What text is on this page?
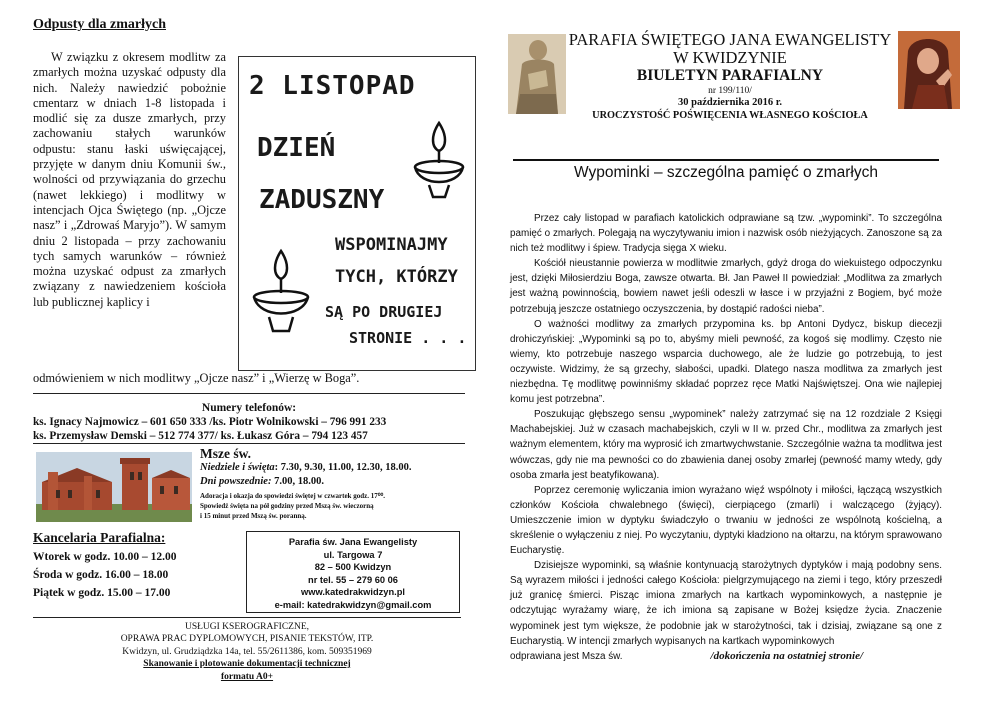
Odpusty dla zmarłych
W związku z okresem modlitw za zmarłych można uzyskać odpusty dla nich. Należy nawiedzić pobożnie cmentarz w dniach 1-8 listopada i modlić się za dusze zmarłych, przy zachowaniu stałych warunków odpustu: stanu łaski uświęcającej, przyjęte w danym dniu Komunii św., wolności od przywiązania do grzechu (nawet lekkiego) i modlitwy w intencjach Ojca Świętego (np. „Ojcze nasz” i „Zdrowaś Maryjo”). W samym dniu 2 listopada – przy zachowaniu tych samych warunków – również można uzyskać odpust za zmarłych związany z nawiedzeniem kościoła lub publicznej kaplicy i
odmówieniem w nich modlitwy „Ojcze nasz” i „Wierzę w Boga”.
2 LISTOPAD
DZIEŃ
ZADUSZNY
WSPOMINAJMY
TYCH, KTÓRZY
SĄ PO DRUGIEJ
STRONIE . . .
Numery telefonów:
ks. Ignacy Najmowicz – 601 650 333 /ks. Piotr Wolnikowski – 796 991 233
ks. Przemysław Demski – 512 774 377/ ks. Łukasz Góra – 794 123 457
Msze św.
Niedziele i święta: 7.30, 9.30, 11.00, 12.30, 18.00.
Dni powszednie: 7.00, 18.00.
Adoracja i okazja do spowiedzi świętej w czwartek godz. 17⁰⁰.
Spowiedź święta na pół godziny przed Mszą św. wieczorną
i 15 minut przed Mszą św. poranną.
Kancelaria Parafialna:
Wtorek w godz. 10.00 – 12.00
Środa w godz. 16.00 – 18.00
Piątek w godz. 15.00 – 17.00
Parafia św. Jana Ewangelisty
ul. Targowa 7
82 – 500 Kwidzyn
nr tel. 55 – 279 60 06
www.katedrakwidzyn.pl
e-mail: katedrakwidzyn@gmail.com
USŁUGI KSEROGRAFICZNE,
OPRAWA PRAC DYPLOMOWYCH, PISANIE TEKSTÓW, ITP.
Kwidzyn, ul. Grudziądzka 14a, tel. 55/2611386, kom. 509351969
Skanowanie i plotowanie dokumentacji technicznej
formatu A0+
PARAFIA ŚWIĘTEGO JANA EWANGELISTY
W KWIDZYNIE
BIULETYN PARAFIALNY
nr 199/110/
30 października 2016 r.
UROCZYSTOŚĆ POŚWIĘCENIA WŁASNEGO KOŚCIOŁA
Wypominki – szczególna pamięć o zmarłych

Przez cały listopad w parafiach katolickich odprawiane są tzw. „wypominki”. To szczególna pamięć o zmarłych. Polegają na wyczytywaniu imion i nazwisk osób nieżyjących. Zanoszone są za nich też modlitwy i śpiew. Tradycja sięga X wieku.

Kościół nieustannie powierza w modlitwie zmarłych, gdyż droga do wiekuistego odpoczynku jest, dzięki Miłosierdziu Boga, zawsze otwarta. Bł. Jan Paweł II powiedział: „Modlitwa za zmarłych jest ważną powinnością, bowiem nawet jeśli odeszli w łasce i w przyjaźni z Bogiem, być może potrzebują jeszcze ostatniego oczyszczenia, by dostąpić radości nieba”.

O ważności modlitwy za zmarłych przypomina ks. bp Antoni Dydycz, biskup diecezji drohiczyńskiej: „Wypominki są po to, abyśmy mieli pewność, za kogoś się modlimy. Często nie wiemy, kto potrzebuje naszego wsparcia duchowego, ale że ludzie go potrzebują, to jest oczywiste. Widzimy, że są grzechy, słabości, upadki. Dlatego nasza modlitwa za zmarłych jest niezbędna. Tę modlitwę powinniśmy składać poprzez ręce Matki Najświętszej. Ona wie najlepiej komu jest potrzebna”.

Poszukując głębszego sensu „wypominek” należy zatrzymać się na 12 rozdziale 2 Księgi Machabejskiej. Już w czasach machabejskich, czyli w II w. przed Chr., modlitwa za zmarłych jest ważnym elementem, który ma wyprosić ich zmartwychwstanie. Szczególnie ważna ta modlitwa jest wówczas, gdy nie ma pewności co do zbawienia danej osoby zmarłej (pewność mamy wtedy, gdy osoba zmarła jest beatyfikowana).

Poprzez ceremonię wyliczania imion wyrażano więź wspólnoty i miłości, łączącą wszystkich członków Kościoła chwalebnego (święci), cierpiącego (zmarli) i walczącego (żyjący). Umieszczenie imion w dyptyku świadczyło o trwaniu w jedności ze wspólnotą kościelną, a skreślenie o wyłączeniu z niej. Po wyczytaniu, dyptyki kładziono na ołtarzu, na którym sprawowano Eucharystię.

Dzisiejsze wypominki, są właśnie kontynuacją starożytnych dyptyków i mają podobny sens. Są wyrazem miłości i jedności całego Kościoła: pielgrzymującego na ziemi i tego, który przeszedł już granicę śmierci. Pisząc imiona zmarłych na kartkach wypominkowych, a następnie je odczytując wyrażamy wiarę, że ich imiona są zapisane w Bożej księdze życia. Znaczenie wypominek jest tym większe, że podobnie jak w starożytności, tak i dzisiaj, związane są one z Eucharystią. W intencji zmarłych wypisanych na kartkach wypominkowych

odprawiana jest Msza św.	/dokończenia na ostatniej stronie/
